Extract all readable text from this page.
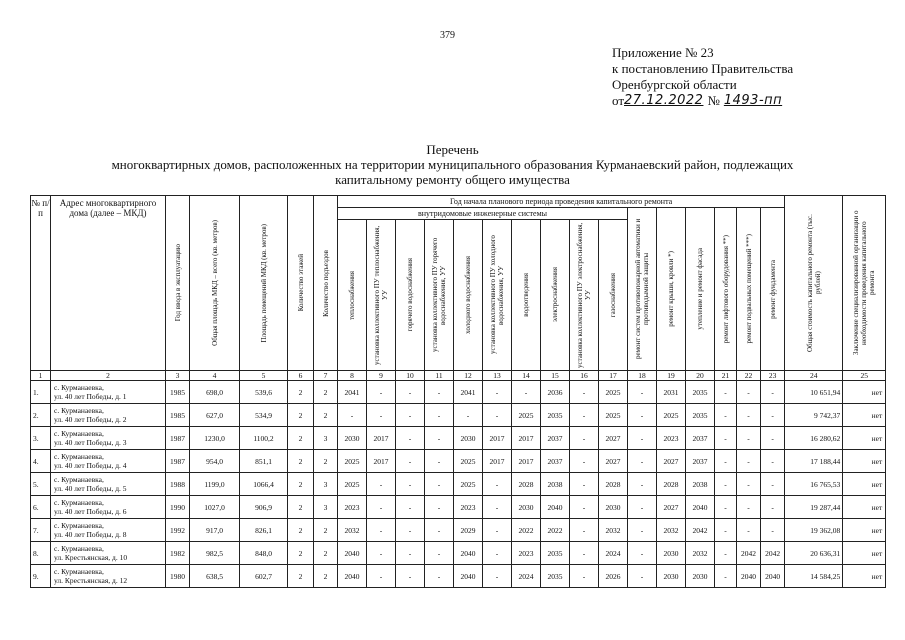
379
Приложение № 23
к постановлению Правительства
Оренбургской области
от 27.12.2022 № 1493-пп
Перечень
многоквартирных домов, расположенных на территории муниципального образования Курманаевский район, подлежащих
капитальному ремонту общего имущества
№ п/п	Адрес многоквартирного дома (далее – МКД)	Год ввода в эксплуатацию	Общая площадь МКД – всего (кв. метров)	Площадь помещений МКД (кв. метров)	Количество этажей	Количество подъездов	Год начала планового периода проведения капитального ремонта																Общая стоимость капитального ремонта (тыс. рублей)	Заключение специализированной организации о необходимости проведения капитального ремонта

							внутридомовые инженерные системы										ремонт систем противопожарной автоматики и противодымной защиты	ремонт крыши, кровли *)	утепление и ремонт фасада	ремонт лифтового оборудования **)	ремонт подвальных помещений ***)	ремонт фундамента		

							теплоснабжения	установка коллективного ПУ теплоснабжения, УУ	горячего водоснабжения	установка коллективного ПУ горячего водоснабжения, УУ	холодного водоснабжения	установка коллективного ПУ холодного водоснабжения, УУ	водоотведения	электроснабжения	установка коллективного ПУ электроснабжения, УУ	газоснабжения								

1	2	3	4	5	6	7	8	9	10	11	12	13	14	15	16	17	18	19	20	21	22	23	24	25
1.	с. Курманаевка,
ул. 40 лет Победы, д. 1	1985	698,0	539,6	2	2	2041	-	-	-	2041	-	-	2036	-	2025	-	2031	2035	-	-	-	10 651,94	нет
2.	с. Курманаевка,
ул. 40 лет Победы, д. 2	1985	627,0	534,9	2	2	-	-	-	-	-	-	2025	2035	-	2025	-	2025	2035	-	-	-	9 742,37	нет
3.	с. Курманаевка,
ул. 40 лет Победы, д. 3	1987	1230,0	1100,2	2	3	2030	2017	-	-	2030	2017	2017	2037	-	2027	-	2023	2037	-	-	-	16 280,62	нет
4.	с. Курманаевка,
ул. 40 лет Победы, д. 4	1987	954,0	851,1	2	2	2025	2017	-	-	2025	2017	2017	2037	-	2027	-	2027	2037	-	-	-	17 188,44	нет
5.	с. Курманаевка,
ул. 40 лет Победы, д. 5	1988	1199,0	1066,4	2	3	2025	-	-	-	2025	-	2028	2038	-	2028	-	2028	2038	-	-	-	16 765,53	нет
6.	с. Курманаевка,
ул. 40 лет Победы, д. 6	1990	1027,0	906,9	2	3	2023	-	-	-	2023	-	2030	2040	-	2030	-	2027	2040	-	-	-	19 287,44	нет
7.	с. Курманаевка,
ул. 40 лет Победы, д. 8	1992	917,0	826,1	2	2	2032	-	-	-	2029	-	2022	2022	-	2032	-	2032	2042	-	-	-	19 362,08	нет
8.	с. Курманаевка,
ул. Крестьянская, д. 10	1982	982,5	848,0	2	2	2040	-	-	-	2040	-	2023	2035	-	2024	-	2030	2032	-	2042	2042	20 636,31	нет
9.	с. Курманаевка,
ул. Крестьянская, д. 12	1980	638,5	602,7	2	2	2040	-	-	-	2040	-	2024	2035	-	2026	-	2030	2030	-	2040	2040	14 584,25	нет
